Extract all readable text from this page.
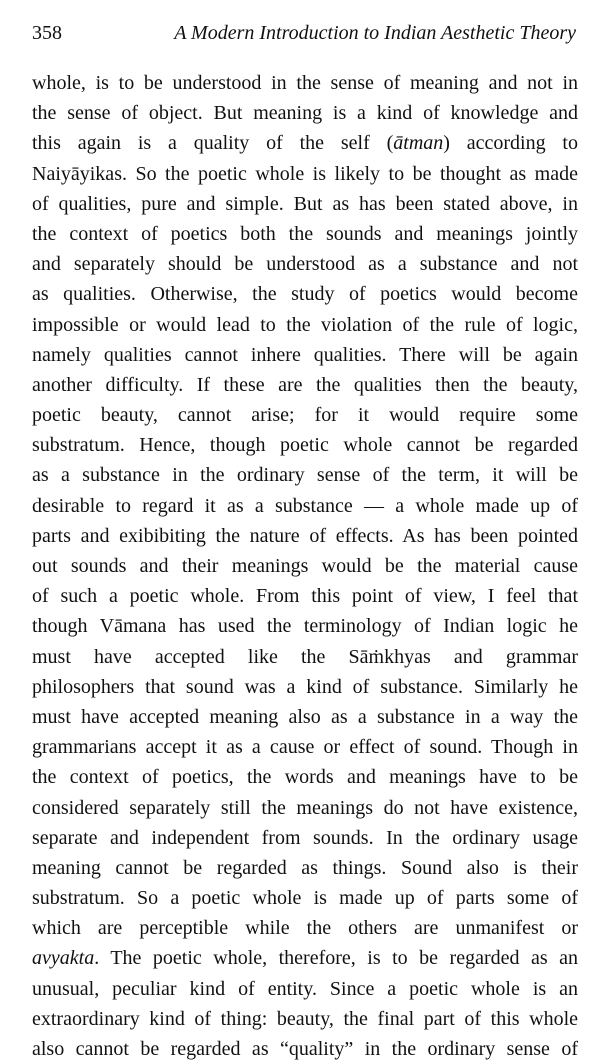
358	A Modern Introduction to Indian Aesthetic Theory
whole, is to be understood in the sense of meaning and not in
the sense of object. But meaning is a kind of knowledge and
this again is a quality of the self (ātman) according to
Naiyāyikas. So the poetic whole is likely to be thought as made
of qualities, pure and simple. But as has been stated above, in
the context of poetics both the sounds and meanings jointly
and separately should be understood as a substance and not
as qualities. Otherwise, the study of poetics would become
impossible or would lead to the violation of the rule of logic,
namely qualities cannot inhere qualities. There will be again
another difficulty. If these are the qualities then the beauty,
poetic beauty, cannot arise; for it would require some
substratum. Hence, though poetic whole cannot be regarded
as a substance in the ordinary sense of the term, it will be
desirable to regard it as a substance — a whole made up of
parts and exibibiting the nature of effects. As has been pointed
out sounds and their meanings would be the material cause
of such a poetic whole. From this point of view, I feel that
though Vāmana has used the terminology of Indian logic he
must have accepted like the Sāṁkhyas and grammar
philosophers that sound was a kind of substance. Similarly he
must have accepted meaning also as a substance in a way the
grammarians accept it as a cause or effect of sound. Though in
the context of poetics, the words and meanings have to be
considered separately still the meanings do not have existence,
separate and independent from sounds. In the ordinary usage
meaning cannot be regarded as things. Sound also is their
substratum. So a poetic whole is made up of parts some of
which are perceptible while the others are unmanifest or
avyakta. The poetic whole, therefore, is to be regarded as an
unusual, peculiar kind of entity. Since a poetic whole is an
extraordinary kind of thing: beauty, the final part of this whole
also cannot be regarded as “quality” in the ordinary sense of
